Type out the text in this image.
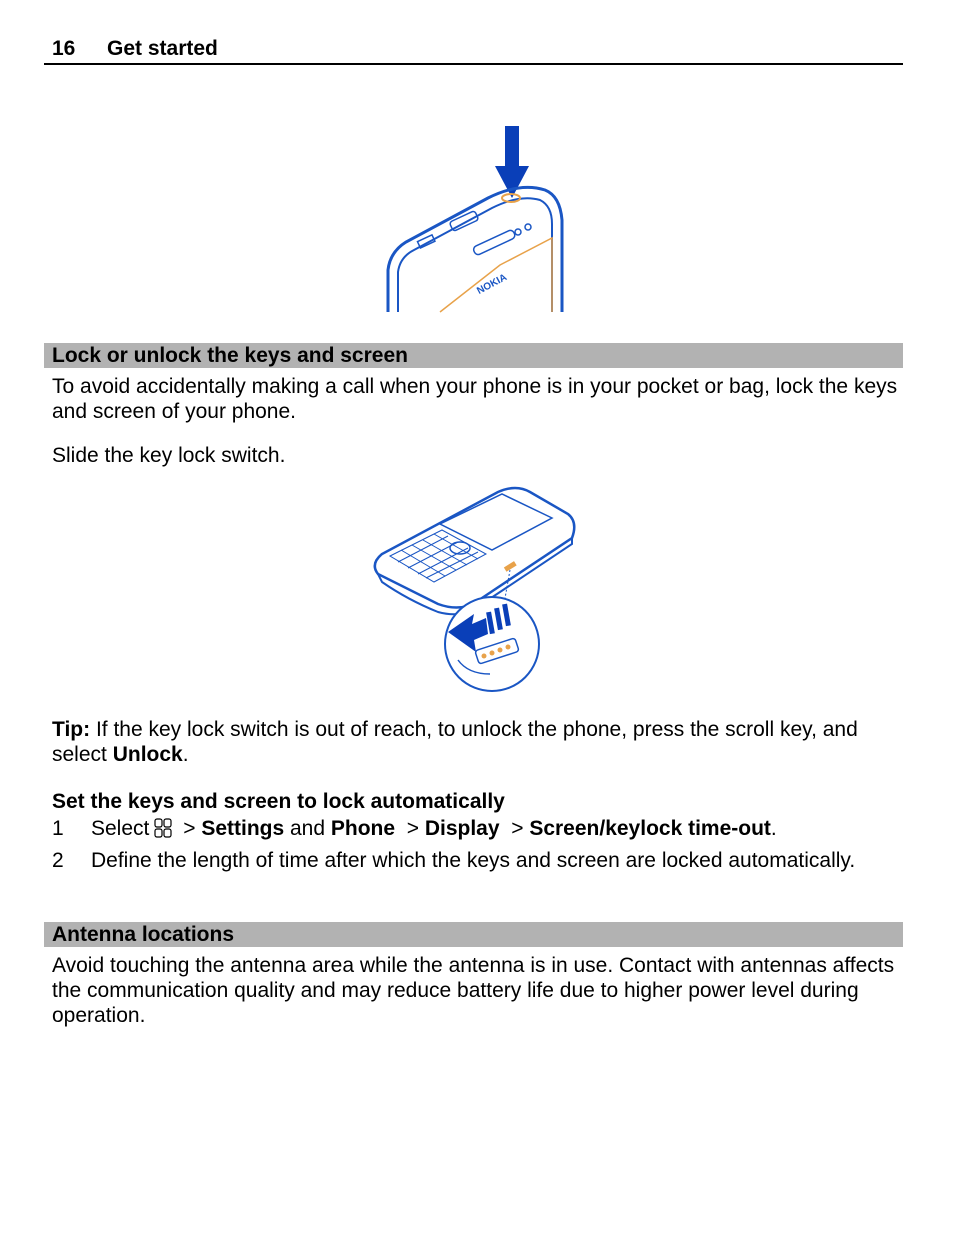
16 Get started
NOKIA
Lock or unlock the keys and screen
To avoid accidentally making a call when your phone is in your pocket or bag, lock the keys and screen of your phone.
Slide the key lock switch.
Tip: If the key lock switch is out of reach, to unlock the phone, press the scroll key, and select Unlock.
Set the keys and screen to lock automatically
1 Select > Settings and Phone  > Display  > Screen/keylock time-out.
2 Define the length of time after which the keys and screen are locked automatically.
Antenna locations
Avoid touching the antenna area while the antenna is in use. Contact with antennas affects the communication quality and may reduce battery life due to higher power level during operation.
